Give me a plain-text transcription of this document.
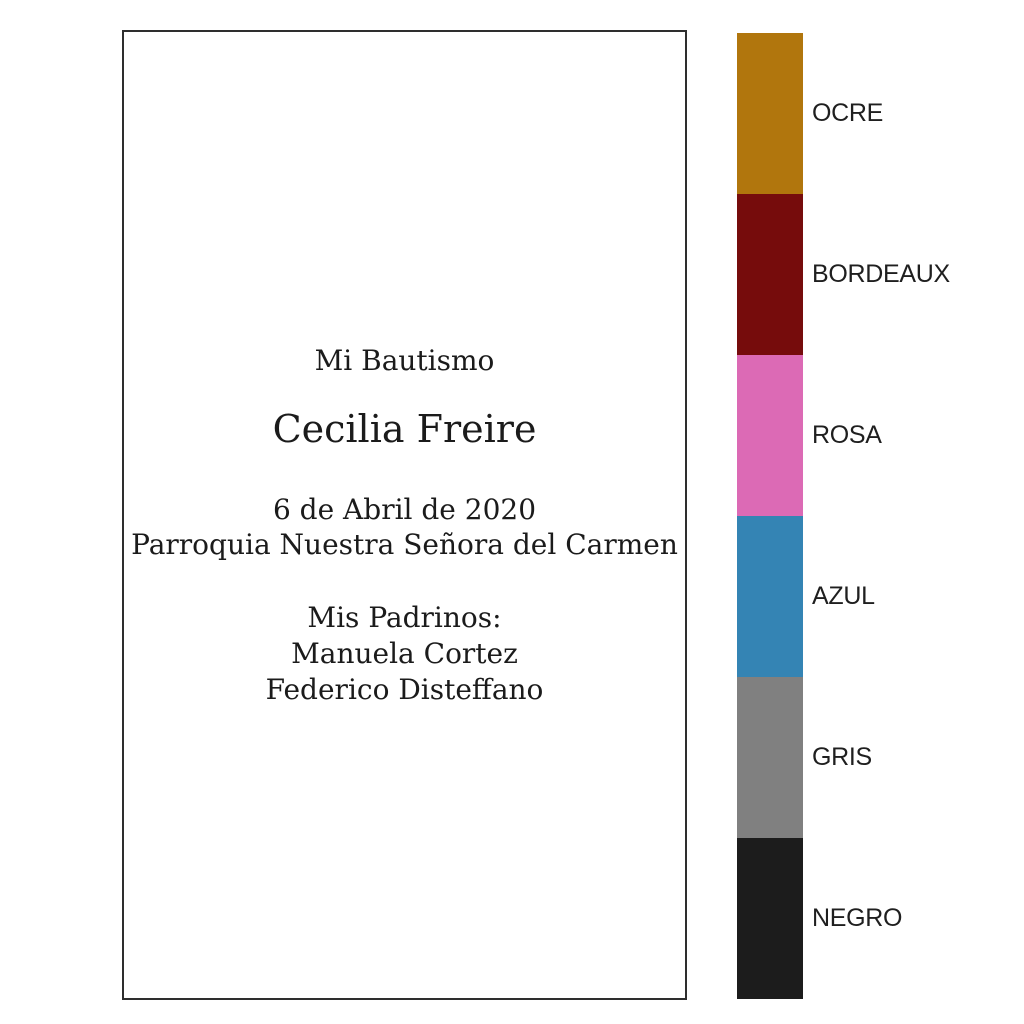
Mi Bautismo
Cecilia Freire
6 de Abril de 2020
Parroquia Nuestra Señora del Carmen
Mis Padrinos:
Manuela Cortez
Federico Disteffano
OCRE
BORDEAUX
ROSA
AZUL
GRIS
NEGRO
